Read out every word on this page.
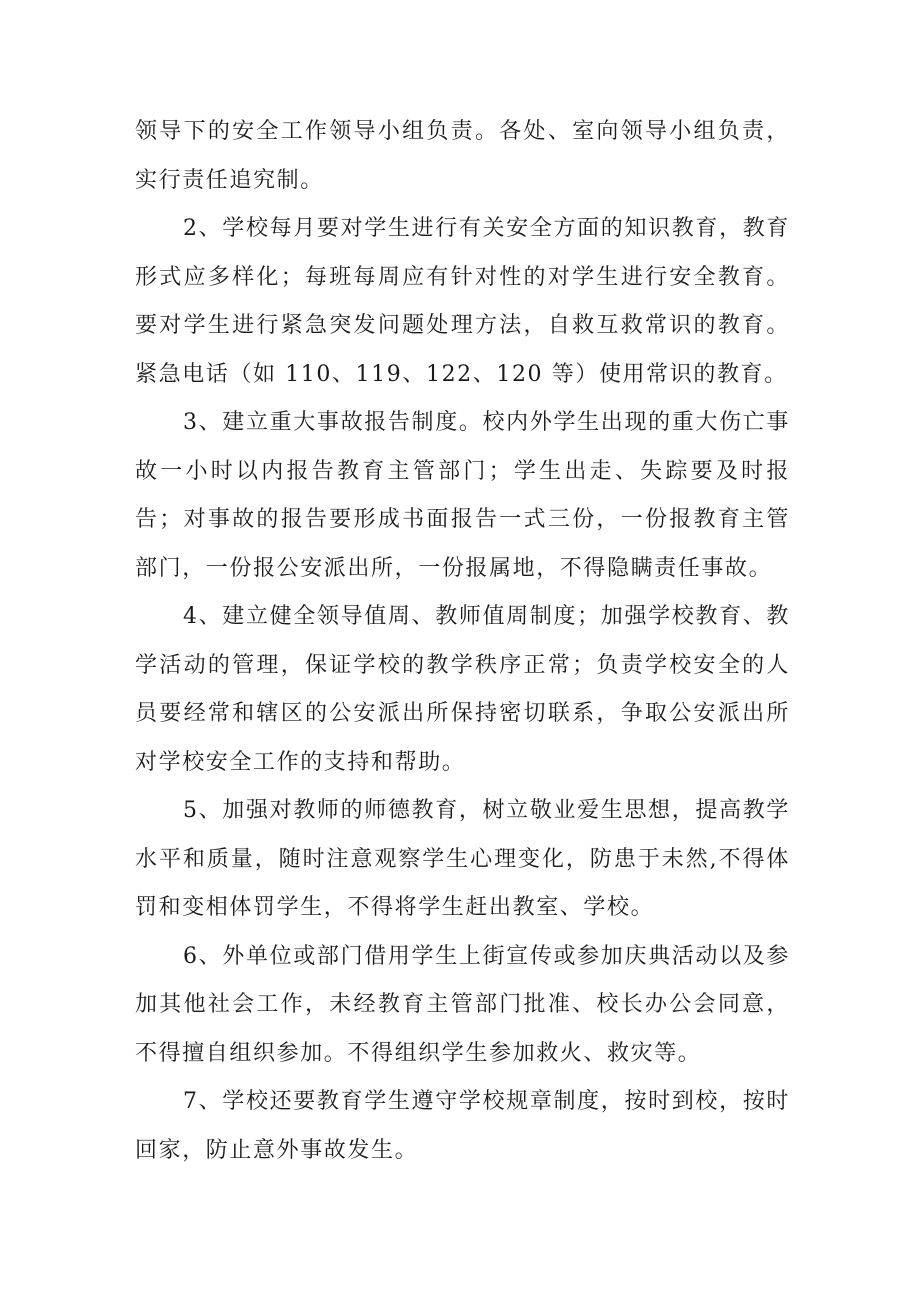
领导下的安全工作领导小组负责。各处、室向领导小组负责，实行责任追究制。

2、学校每月要对学生进行有关安全方面的知识教育，教育形式应多样化；每班每周应有针对性的对学生进行安全教育。要对学生进行紧急突发问题处理方法，自救互救常识的教育。紧急电话（如 110、119、122、120 等）使用常识的教育。

3、建立重大事故报告制度。校内外学生出现的重大伤亡事故一小时以内报告教育主管部门；学生出走、失踪要及时报告；对事故的报告要形成书面报告一式三份，一份报教育主管部门，一份报公安派出所，一份报属地，不得隐瞒责任事故。

4、建立健全领导值周、教师值周制度；加强学校教育、教学活动的管理，保证学校的教学秩序正常；负责学校安全的人员要经常和辖区的公安派出所保持密切联系，争取公安派出所对学校安全工作的支持和帮助。

5、加强对教师的师德教育，树立敬业爱生思想，提高教学水平和质量，随时注意观察学生心理变化，防患于未然,不得体罚和变相体罚学生，不得将学生赶出教室、学校。

6、外单位或部门借用学生上街宣传或参加庆典活动以及参加其他社会工作，未经教育主管部门批准、校长办公会同意，不得擅自组织参加。不得组织学生参加救火、救灾等。

7、学校还要教育学生遵守学校规章制度，按时到校，按时回家，防止意外事故发生。
